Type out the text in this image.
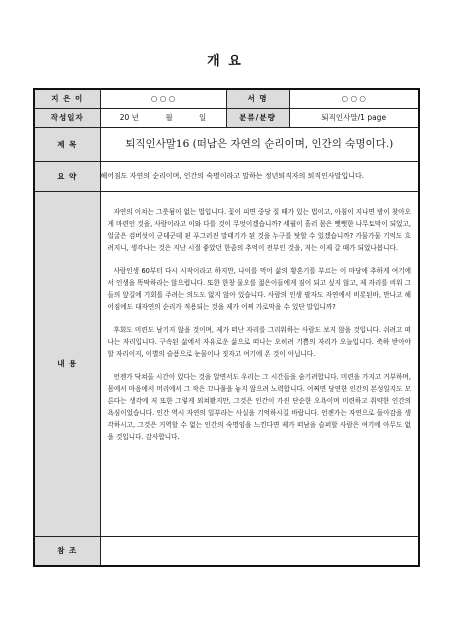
개 요
지 은 이	○ ○ ○	서 명	○ ○ ○
작성일자	20 년 월 일	분류/분량	퇴직인사말/1 page
제 목	퇴직인사말16 (떠남은 자연의 순리이며, 인간의 숙명이다.)		
요 약	헤어짐도 자연의 순리이며, 인간의 숙명이라고 말하는 정년퇴직자의 퇴직인사말입니다.		
내 용	자연의 이치는 그릇됨이 없는 법입니다. 꽃이 피면 중당 질 때가 있는 법이고, 아침이 지나면 밤이 찾아오게 마련인 것을, 사람이라고 이와 다를 것이 무엇이겠습니까? 세월이 흘러 몸은 뻣뻣한 나무토막이 되었고, 얼굴은 검버섯이 군데군데 핀 푸그러진 말태기가 된 것을 누구를 탓할 수 있겠습니까? 가물가물 기억도 흐려지니, 생각나는 것은 지난 시절 좋았던 한줌의 추억이 전부인 것을, 저는 이제 갈 때가 되었나봅니다.

사람인생 60부터 다시 시작이라고 하지만, 나이를 먹어 삶의 황혼기를 부르는 이 마당에 추하게 여기에서 인생을 똑딱하라는 않으렵니다. 또한 한창 물오를 젊은이들에게 짐이 되고 싶지 않고, 제 자리를 비워 그들의 앞길에 기회를 주려는 의도도 없지 않아 있습니다. 사람의 인생 팔자도 자연에서 비롯된바, 만나고 헤어짐에도 대자연의 순리가 적용되는 것을 제가 어찌 가로막을 수 있단 말입니까?

후회도 미련도 남기지 않을 것이며, 제가 떠난 자리를 그리워하는 사람도 보지 않을 것입니다. 쉬려고 떠나는 자리입니다. 구속된 삶에서 자유로운 삶으로 떠나는 오히려 기쁨의 자리가 오늘입니다. 축하 받아야 할 자리이지, 이별의 슬픔으로 눈물이나 짓자고 여기에 온 것이 아닙니다.

언젠가 닥쳐올 시간이 있다는 것을 알면서도 우리는 그 시간들을 숨기려합니다. 미련을 가지고 거부하며, 몸에서 마음에서 머리에서 그 작은 끄나풀을 놓지 않으려 노력합니다. 어쩌면 당연한 인간의 본성일지도 모른다는 생각에 저 또한 그렇게 외쳐봤지만, 그것은 인간이 가진 단순한 오욕이며 미련하고 취약한 인간의 욕심이었습니다. 인간 역시 자연의 일부라는 사실을 기억하시길 바랍니다. 언젠가는 자연으로 돌아감을 생각하시고, 그것은 거역할 수 없는 인간의 숙명임을 느낀다면 제가 떠남을 슬퍼할 사람은 여기에 아무도 없을 것입니다. 감사합니다.		

참 조			
